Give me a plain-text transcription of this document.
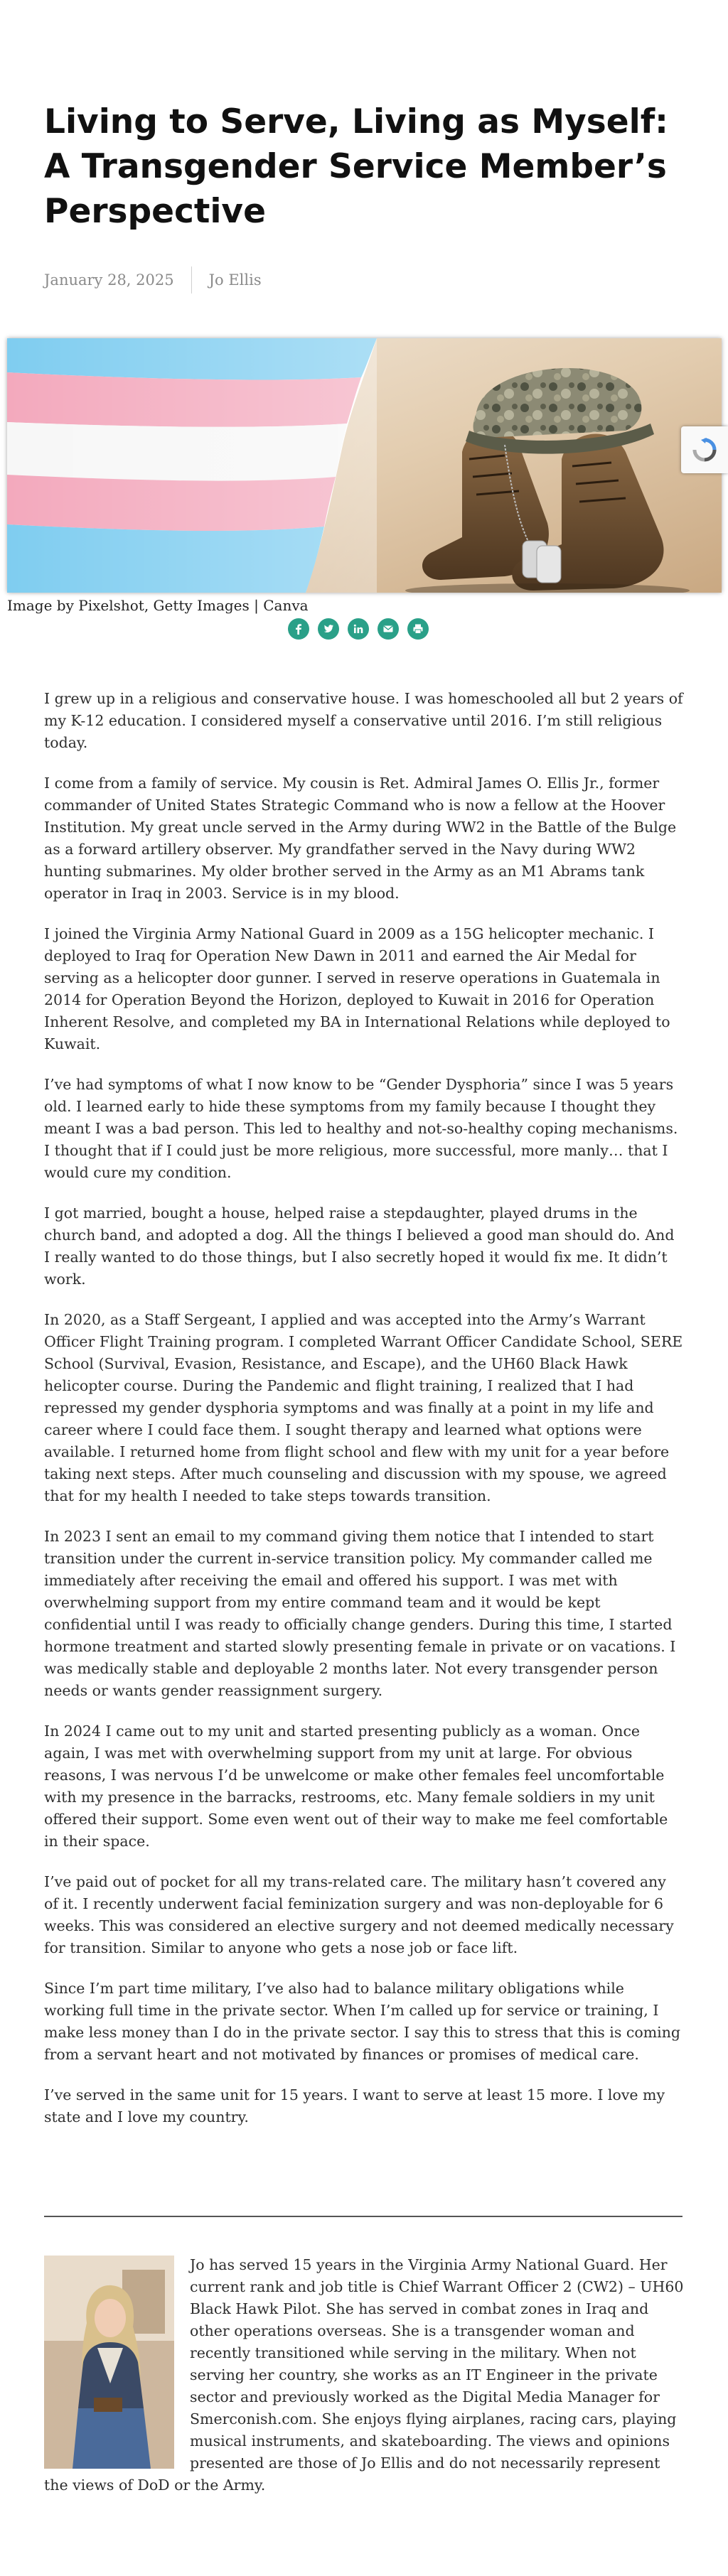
Living to Serve, Living as Myself: A Transgender Service Member’s Perspective
January 28, 2025 Jo Ellis
Image by Pixelshot, Getty Images | Canva

I grew up in a religious and conservative house. I was homeschooled all but 2 years of my K-12 education. I considered myself a conservative until 2016. I’m still religious today.

I come from a family of service. My cousin is Ret. Admiral James O. Ellis Jr., former commander of United States Strategic Command who is now a fellow at the Hoover Institution. My great uncle served in the Army during WW2 in the Battle of the Bulge as a forward artillery observer. My grandfather served in the Navy during WW2 hunting submarines. My older brother served in the Army as an M1 Abrams tank operator in Iraq in 2003. Service is in my blood.

I joined the Virginia Army National Guard in 2009 as a 15G helicopter mechanic. I deployed to Iraq for Operation New Dawn in 2011 and earned the Air Medal for serving as a helicopter door gunner. I served in reserve operations in Guatemala in 2014 for Operation Beyond the Horizon, deployed to Kuwait in 2016 for Operation Inherent Resolve, and completed my BA in International Relations while deployed to Kuwait.

I’ve had symptoms of what I now know to be “Gender Dysphoria” since I was 5 years old. I learned early to hide these symptoms from my family because I thought they meant I was a bad person. This led to healthy and not-so-healthy coping mechanisms. I thought that if I could just be more religious, more successful, more manly… that I would cure my condition.

I got married, bought a house, helped raise a stepdaughter, played drums in the church band, and adopted a dog. All the things I believed a good man should do. And I really wanted to do those things, but I also secretly hoped it would fix me. It didn’t work.

In 2020, as a Staff Sergeant, I applied and was accepted into the Army’s Warrant Officer Flight Training program. I completed Warrant Officer Candidate School, SERE School (Survival, Evasion, Resistance, and Escape), and the UH60 Black Hawk helicopter course. During the Pandemic and flight training, I realized that I had repressed my gender dysphoria symptoms and was finally at a point in my life and career where I could face them. I sought therapy and learned what options were available. I returned home from flight school and flew with my unit for a year before taking next steps. After much counseling and discussion with my spouse, we agreed that for my health I needed to take steps towards transition.

In 2023 I sent an email to my command giving them notice that I intended to start transition under the current in-service transition policy. My commander called me immediately after receiving the email and offered his support. I was met with overwhelming support from my entire command team and it would be kept confidential until I was ready to officially change genders. During this time, I started hormone treatment and started slowly presenting female in private or on vacations. I was medically stable and deployable 2 months later. Not every transgender person needs or wants gender reassignment surgery.

In 2024 I came out to my unit and started presenting publicly as a woman. Once again, I was met with overwhelming support from my unit at large. For obvious reasons, I was nervous I’d be unwelcome or make other females feel uncomfortable with my presence in the barracks, restrooms, etc. Many female soldiers in my unit offered their support. Some even went out of their way to make me feel comfortable in their space.

I’ve paid out of pocket for all my trans-related care. The military hasn’t covered any of it. I recently underwent facial feminization surgery and was non-deployable for 6 weeks. This was considered an elective surgery and not deemed medically necessary for transition. Similar to anyone who gets a nose job or face lift.

Since I’m part time military, I’ve also had to balance military obligations while working full time in the private sector. When I’m called up for service or training, I make less money than I do in the private sector. I say this to stress that this is coming from a servant heart and not motivated by finances or promises of medical care.

I’ve served in the same unit for 15 years. I want to serve at least 15 more. I love my state and I love my country.

Jo has served 15 years in the Virginia Army National Guard. Her current rank and job title is Chief Warrant Officer 2 (CW2) – UH60 Black Hawk Pilot. She has served in combat zones in Iraq and other operations overseas. She is a transgender woman and recently transitioned while serving in the military. When not serving her country, she works as an IT Engineer in the private sector and previously worked as the Digital Media Manager for Smerconish.com. She enjoys flying airplanes, racing cars, playing musical instruments, and skateboarding. The views and opinions presented are those of Jo Ellis and do not necessarily represent the views of DoD or the Army.
